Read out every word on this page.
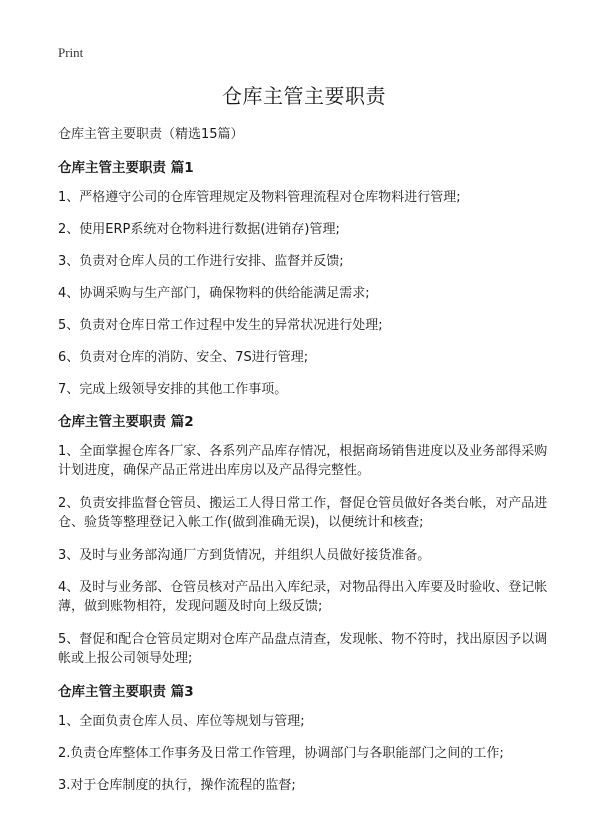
Print
仓库主管主要职责
仓库主管主要职责（精选15篇）
仓库主管主要职责 篇1
1、严格遵守公司的仓库管理规定及物料管理流程对仓库物料进行管理;
2、使用ERP系统对仓物料进行数据(进销存)管理;
3、负责对仓库人员的工作进行安排、监督并反馈;
4、协调采购与生产部门，确保物料的供给能满足需求;
5、负责对仓库日常工作过程中发生的异常状况进行处理;
6、负责对仓库的消防、安全、7S进行管理;
7、完成上级领导安排的其他工作事项。
仓库主管主要职责 篇2
1、全面掌握仓库各厂家、各系列产品库存情况，根据商场销售进度以及业务部得采购计划进度，确保产品正常进出库房以及产品得完整性。
2、负责安排监督仓管员、搬运工人得日常工作，督促仓管员做好各类台帐，对产品进仓、验货等整理登记入帐工作(做到准确无误)，以便统计和核查;
3、及时与业务部沟通厂方到货情况，并组织人员做好接货准备。
4、及时与业务部、仓管员核对产品出入库纪录，对物品得出入库要及时验收、登记帐薄，做到账物相符，发现问题及时向上级反馈;
5、督促和配合仓管员定期对仓库产品盘点清查，发现帐、物不符时，找出原因予以调帐或上报公司领导处理;
仓库主管主要职责 篇3
1、全面负责仓库人员、库位等规划与管理;
2.负责仓库整体工作事务及日常工作管理，协调部门与各职能部门之间的工作;
3.对于仓库制度的执行，操作流程的监督;
